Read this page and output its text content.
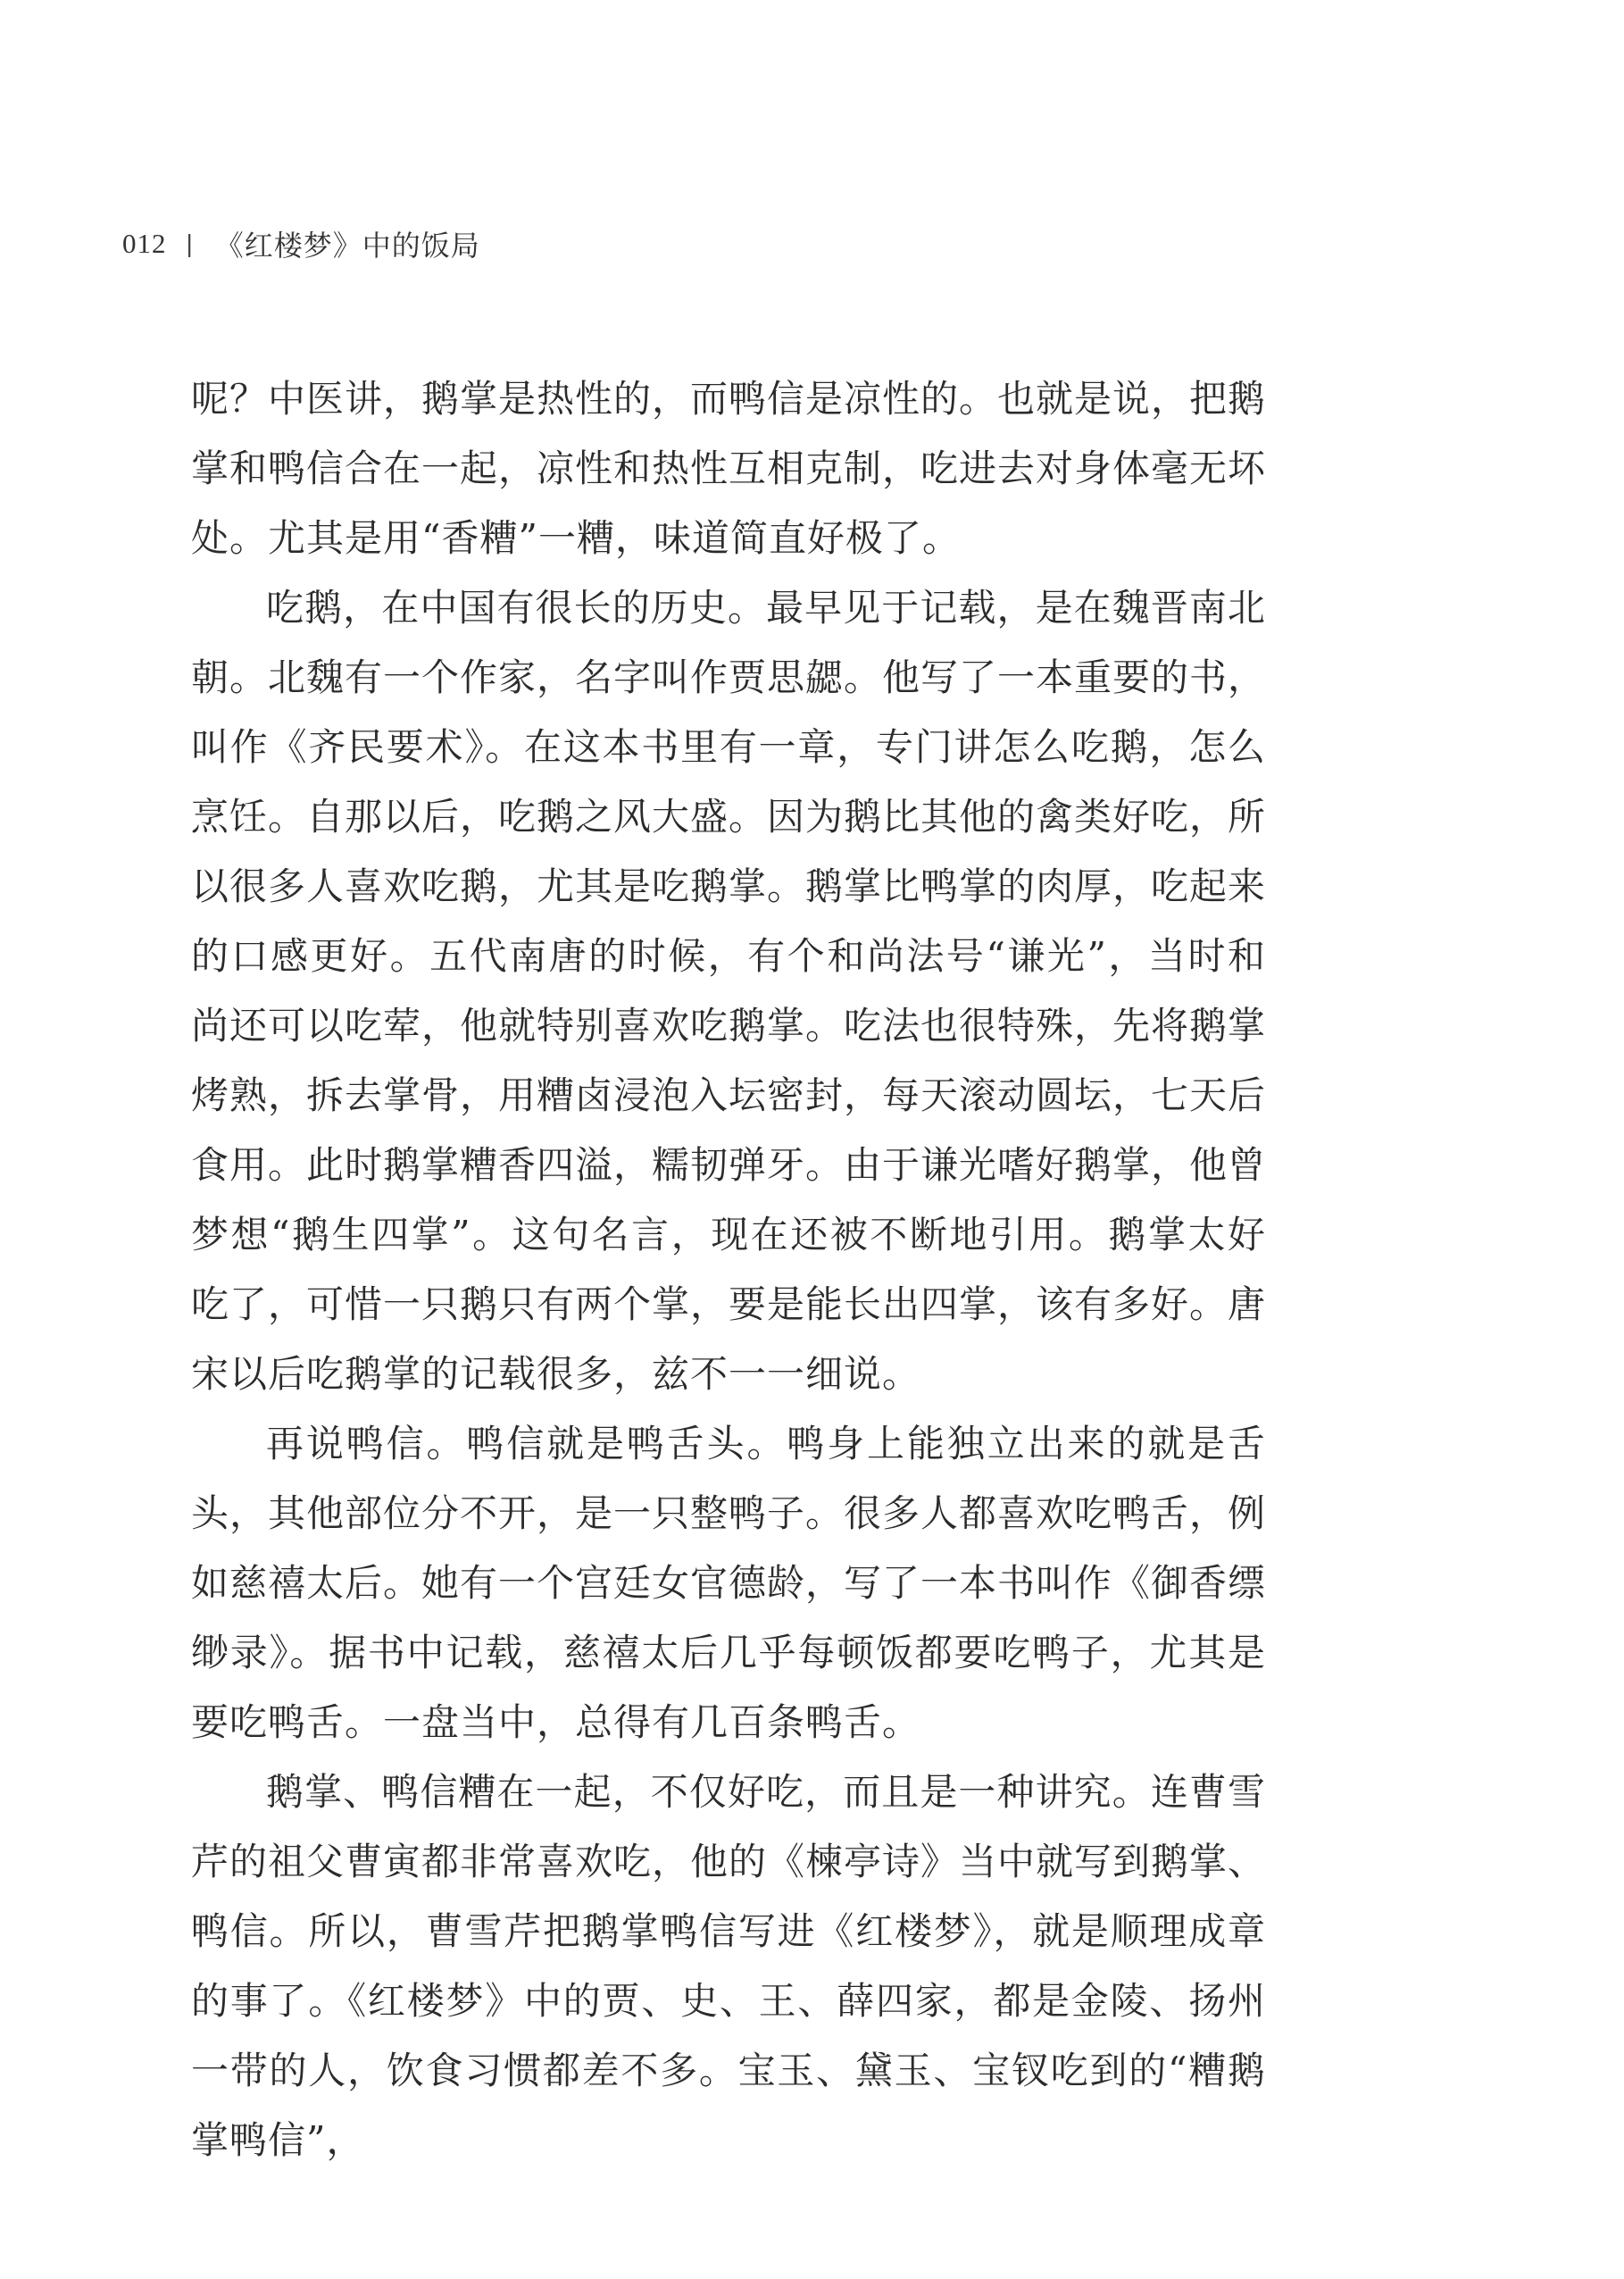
012 | 《红楼梦》中的饭局

呢？中医讲，鹅掌是热性的，而鸭信是凉性的。也就是说，把鹅掌和鸭信合在一起，凉性和热性互相克制，吃进去对身体毫无坏处。尤其是用“香糟”一糟，味道简直好极了。

吃鹅，在中国有很长的历史。最早见于记载，是在魏晋南北朝。北魏有一个作家，名字叫作贾思勰。他写了一本重要的书，叫作《齐民要术》。在这本书里有一章，专门讲怎么吃鹅，怎么烹饪。自那以后，吃鹅之风大盛。因为鹅比其他的禽类好吃，所以很多人喜欢吃鹅，尤其是吃鹅掌。鹅掌比鸭掌的肉厚，吃起来的口感更好。五代南唐的时候，有个和尚法号“谦光”，当时和尚还可以吃荤，他就特别喜欢吃鹅掌。吃法也很特殊，先将鹅掌烤熟，拆去掌骨，用糟卤浸泡入坛密封，每天滚动圆坛，七天后食用。此时鹅掌糟香四溢，糯韧弹牙。由于谦光嗜好鹅掌，他曾梦想“鹅生四掌”。这句名言，现在还被不断地引用。鹅掌太好吃了，可惜一只鹅只有两个掌，要是能长出四掌，该有多好。唐宋以后吃鹅掌的记载很多，兹不一一细说。

再说鸭信。鸭信就是鸭舌头。鸭身上能独立出来的就是舌头，其他部位分不开，是一只整鸭子。很多人都喜欢吃鸭舌，例如慈禧太后。她有一个宫廷女官德龄，写了一本书叫作《御香缥缈录》。据书中记载，慈禧太后几乎每顿饭都要吃鸭子，尤其是要吃鸭舌。一盘当中，总得有几百条鸭舌。

鹅掌、鸭信糟在一起，不仅好吃，而且是一种讲究。连曹雪芹的祖父曹寅都非常喜欢吃，他的《楝亭诗》当中就写到鹅掌、鸭信。所以，曹雪芹把鹅掌鸭信写进《红楼梦》，就是顺理成章的事了。《红楼梦》中的贾、史、王、薛四家，都是金陵、扬州一带的人，饮食习惯都差不多。宝玉、黛玉、宝钗吃到的“糟鹅掌鸭信”，
